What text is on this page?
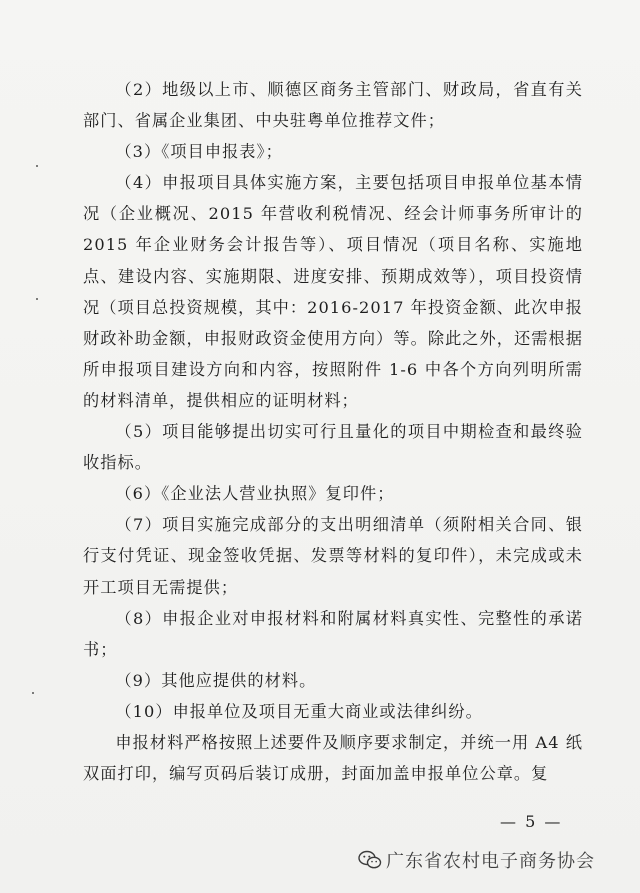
（2）地级以上市、顺德区商务主管部门、财政局，省直有关部门、省属企业集团、中央驻粤单位推荐文件；

（3）《项目申报表》；

（4）申报项目具体实施方案，主要包括项目申报单位基本情况（企业概况、2015 年营收利税情况、经会计师事务所审计的 2015 年企业财务会计报告等）、项目情况（项目名称、实施地点、建设内容、实施期限、进度安排、预期成效等），项目投资情况（项目总投资规模，其中：2016-2017 年投资金额、此次申报财政补助金额，申报财政资金使用方向）等。除此之外，还需根据所申报项目建设方向和内容，按照附件 1-6 中各个方向列明所需的材料清单，提供相应的证明材料；

（5）项目能够提出切实可行且量化的项目中期检查和最终验收指标。

（6）《企业法人营业执照》复印件；

（7）项目实施完成部分的支出明细清单（须附相关合同、银行支付凭证、现金签收凭据、发票等材料的复印件），未完成或未开工项目无需提供；

（8）申报企业对申报材料和附属材料真实性、完整性的承诺书；

（9）其他应提供的材料。

（10）申报单位及项目无重大商业或法律纠纷。

申报材料严格按照上述要件及顺序要求制定，并统一用 A4 纸双面打印，编写页码后装订成册，封面加盖申报单位公章。复

— 5 —
广东省农村电子商务协会
